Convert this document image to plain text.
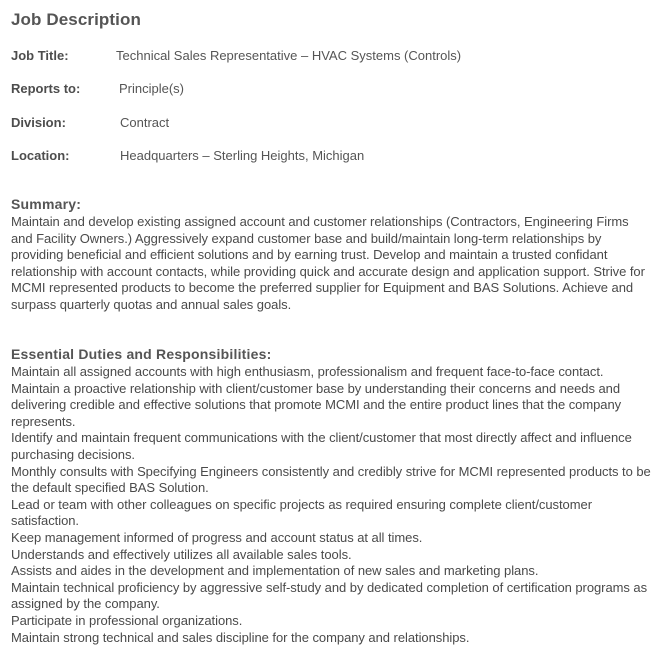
Job Description
Job Title:	Technical Sales Representative – HVAC Systems (Controls)
Reports to:	Principle(s)
Division:	Contract
Location:	Headquarters – Sterling Heights, Michigan
Summary:

Maintain and develop existing assigned account and customer relationships (Contractors, Engineering Firms and Facility Owners.) Aggressively expand customer base and build/maintain long-term relationships by providing beneficial and efficient solutions and by earning trust. Develop and maintain a trusted confidant relationship with account contacts, while providing quick and accurate design and application support. Strive for MCMI represented products to become the preferred supplier for Equipment and BAS Solutions. Achieve and surpass quarterly quotas and annual sales goals.

Essential Duties and Responsibilities:
Maintain all assigned accounts with high enthusiasm, professionalism and frequent face-to-face contact.
Maintain a proactive relationship with client/customer base by understanding their concerns and needs and delivering credible and effective solutions that promote MCMI and the entire product lines that the company represents.
Identify and maintain frequent communications with the client/customer that most directly affect and influence purchasing decisions.
Monthly consults with Specifying Engineers consistently and credibly strive for MCMI represented products to be the default specified BAS Solution.
Lead or team with other colleagues on specific projects as required ensuring complete client/customer satisfaction.
Keep management informed of progress and account status at all times.
Understands and effectively utilizes all available sales tools.
Assists and aides in the development and implementation of new sales and marketing plans.
Maintain technical proficiency by aggressive self-study and by dedicated completion of certification programs as assigned by the company.
Participate in professional organizations.
Maintain strong technical and sales discipline for the company and relationships.
